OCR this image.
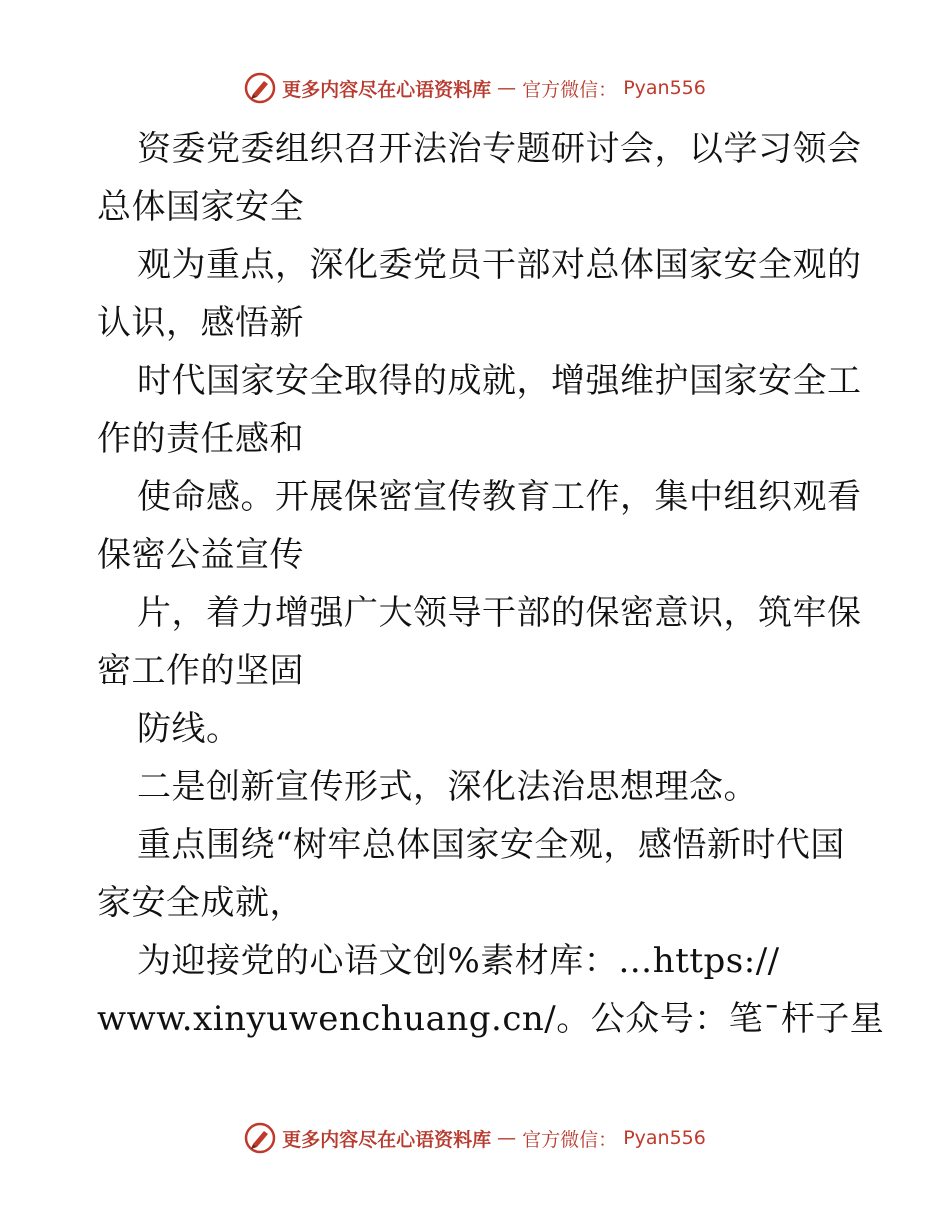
更多内容尽在心语资料库 — 官方微信： Pyan556
资委党委组织召开法治专题研讨会，以学习领会
总体国家安全
观为重点，深化委党员干部对总体国家安全观的
认识，感悟新
时代国家安全取得的成就，增强维护国家安全工
作的责任感和
使命感。开展保密宣传教育工作，集中组织观看
保密公益宣传
片，着力增强广大领导干部的保密意识，筑牢保
密工作的坚固
防线。
二是创新宣传形式，深化法治思想理念。
重点围绕“树牢总体国家安全观，感悟新时代国
家安全成就，
为迎接党的心语文创%素材库：…https://
www.xinyuwenchuang.cn/。公众号：笔¯杆子星
更多内容尽在心语资料库 — 官方微信： Pyan556
